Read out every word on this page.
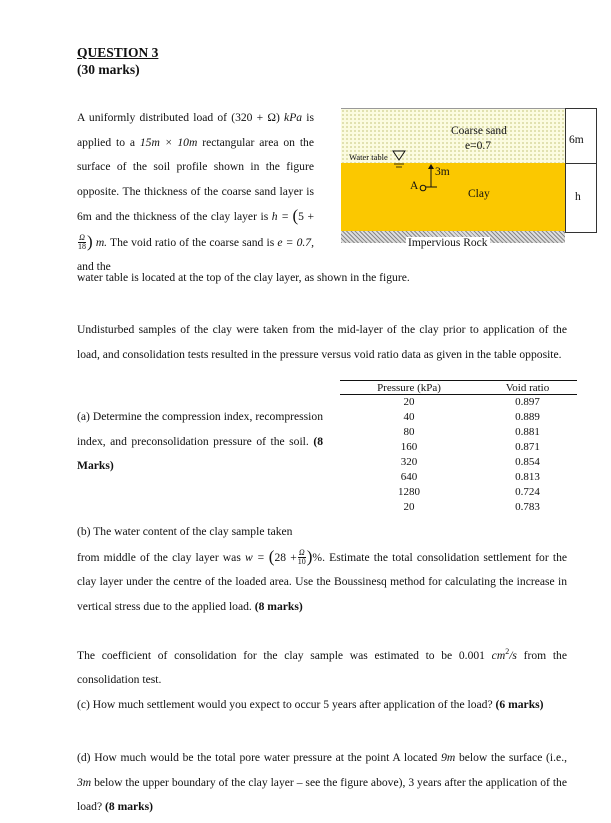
QUESTION 3
(30 marks)
A uniformly distributed load of (320 + Ω) kPa is applied to a 15m × 10m rectangular area on the surface of the soil profile shown in the figure opposite. The thickness of the coarse sand layer is 6m and the thickness of the clay layer is h = (5 +
$\frac{\Omega}{18}$ ) m. The void ratio of the coarse sand is e = 0.7, and the
water table is located at the top of the clay layer, as shown in the figure.
Coarse sand
e=0.7
Water table
3m
A
Clay
Impervious Rock
6m
h
Undisturbed samples of the clay were taken from the mid-layer of the clay prior to application of the load, and consolidation tests resulted in the pressure versus void ratio data as given in the table opposite.
Pressure (kPa)	Void ratio
20	0.897
40	0.889
80	0.881
160	0.871
320	0.854
640	0.813
1280	0.724
20	0.783
(a) Determine the compression index, recompression index, and preconsolidation pressure of the soil. (8 Marks)
(b) The water content of the clay sample taken
from middle of the clay layer was $w = (28 + \frac{\Omega}{10}$ )%. Estimate the total consolidation settlement for the clay layer under the centre of the loaded area. Use the Boussinesq method for calculating the increase in vertical stress due to the applied load. (8 marks)
The coefficient of consolidation for the clay sample was estimated to be 0.001 $cm^2/s$ from the consolidation test.
(c) How much settlement would you expect to occur 5 years after application of the load? (6 marks)
(d) How much would be the total pore water pressure at the point A located 9m below the surface (i.e., 3m below the upper boundary of the clay layer – see the figure above), 3 years after the application of the load? (8 marks)
